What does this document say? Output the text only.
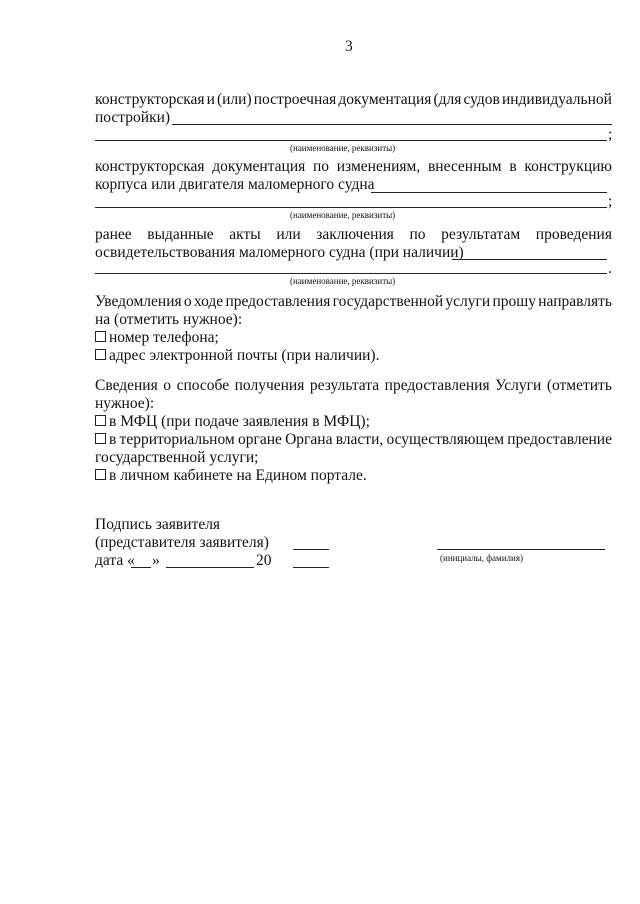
3
конструкторская и (или) построечная документация (для судов индивидуальной
постройки)
;
(наименование, реквизиты)
конструкторская документация по изменениям, внесенным в конструкцию
корпуса или двигателя маломерного судна
;
(наименование, реквизиты)
ранее выданные акты или заключения по результатам проведения
освидетельствования маломерного судна (при наличии)
.
(наименование, реквизиты)
Уведомления о ходе предоставления государственной услуги прошу направлять
на (отметить нужное):
номер телефона;
адрес электронной почты (при наличии).
Сведения о способе получения результата предоставления Услуги (отметить
нужное):
в МФЦ (при подаче заявления в МФЦ);
в территориальном органе Органа власти, осуществляющем предоставление
государственной услуги;
в личном кабинете на Едином портале.
Подпись заявителя
(представителя заявителя)
(инициалы, фамилия)
дата « »	20
